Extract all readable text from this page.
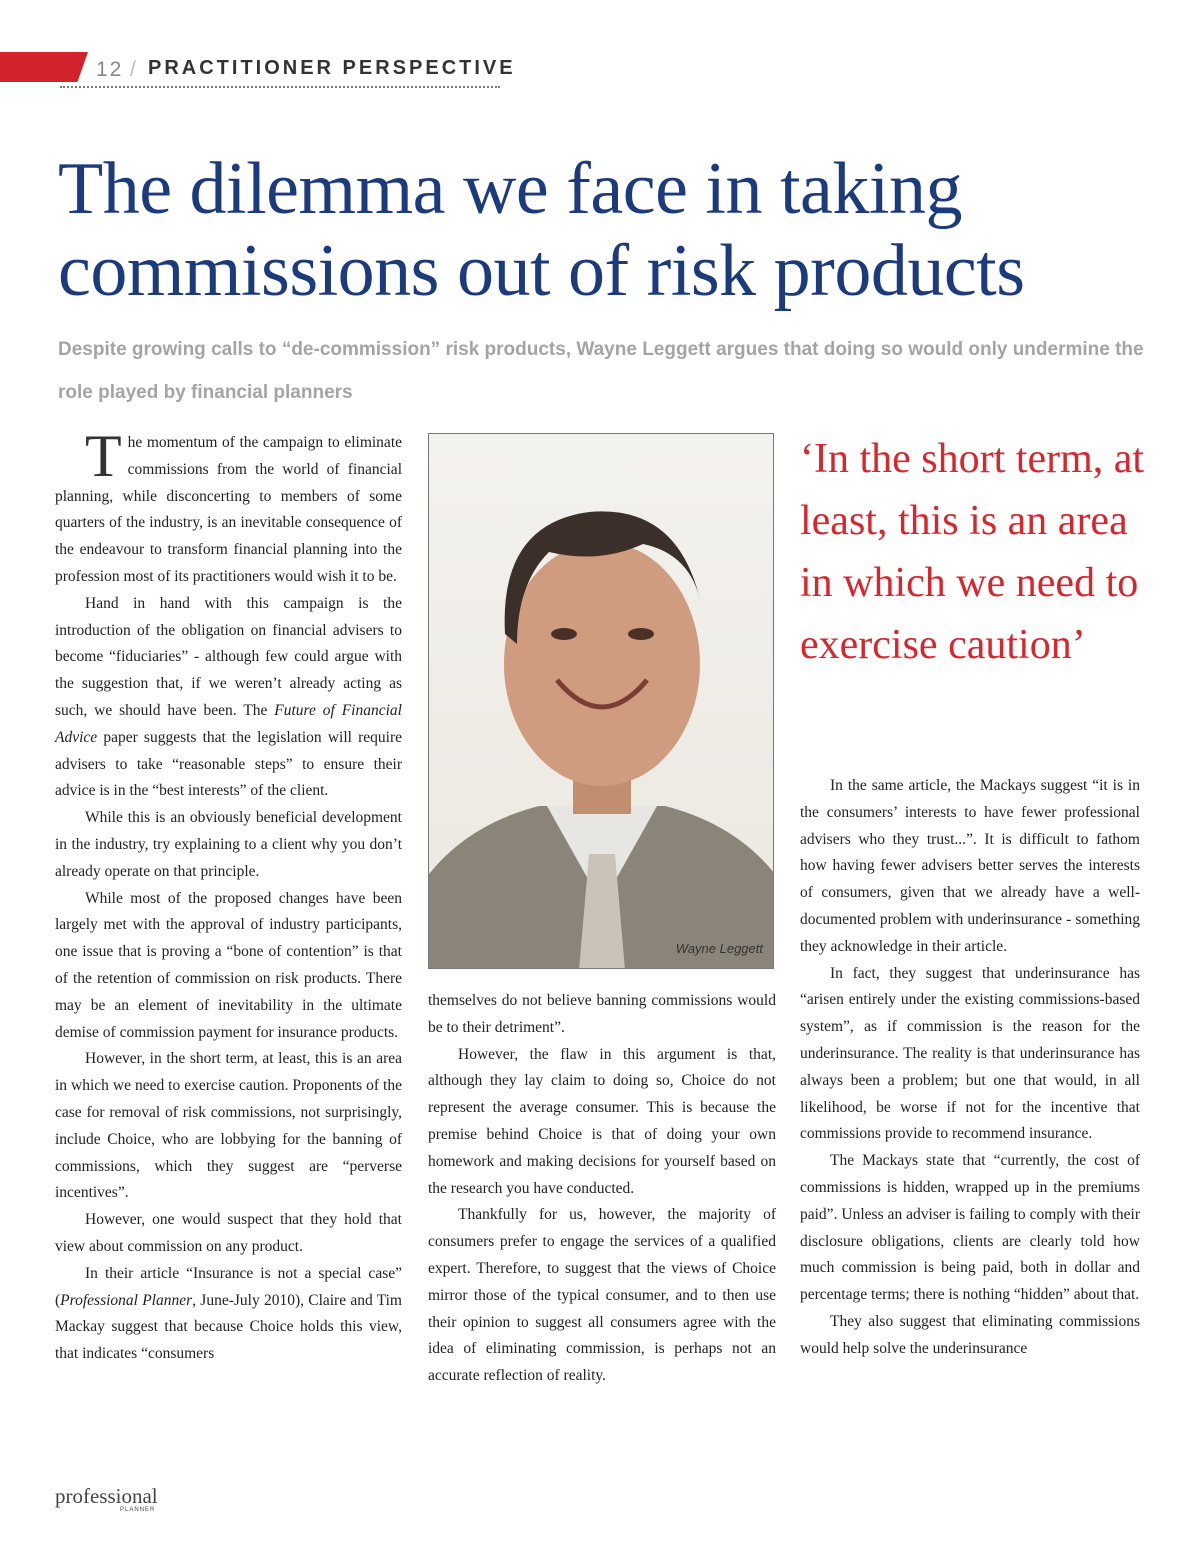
12 / PRACTITIONER PERSPECTIVE
The dilemma we face in taking commissions out of risk products

Despite growing calls to “de-commission” risk products, Wayne Leggett argues that doing so would only undermine the role played by financial planners

The momentum of the campaign to eliminate commissions from the world of financial planning, while disconcerting to members of some quarters of the industry, is an inevitable consequence of the endeavour to transform financial planning into the profession most of its practitioners would wish it to be.

Hand in hand with this campaign is the introduction of the obligation on financial advisers to become “fiduciaries” - although few could argue with the suggestion that, if we weren’t already acting as such, we should have been. The Future of Financial Advice paper suggests that the legislation will require advisers to take “reasonable steps” to ensure their advice is in the “best interests” of the client.

While this is an obviously beneficial development in the industry, try explaining to a client why you don’t already operate on that principle.

While most of the proposed changes have been largely met with the approval of industry participants, one issue that is proving a “bone of contention” is that of the retention of commission on risk products. There may be an element of inevitability in the ultimate demise of commission payment for insurance products.

However, in the short term, at least, this is an area in which we need to exercise caution. Proponents of the case for removal of risk commissions, not surprisingly, include Choice, who are lobbying for the banning of commissions, which they suggest are “perverse incentives”.

However, one would suspect that they hold that view about commission on any product.

In their article “Insurance is not a special case” (Professional Planner, June-July 2010), Claire and Tim Mackay suggest that because Choice holds this view, that indicates “consumers

Wayne Leggett

‘In the short term, at least, this is an area in which we need to exercise caution’

themselves do not believe banning commissions would be to their detriment”.

However, the flaw in this argument is that, although they lay claim to doing so, Choice do not represent the average consumer. This is because the premise behind Choice is that of doing your own homework and making decisions for yourself based on the research you have conducted.

Thankfully for us, however, the majority of consumers prefer to engage the services of a qualified expert. Therefore, to suggest that the views of Choice mirror those of the typical consumer, and to then use their opinion to suggest all consumers agree with the idea of eliminating commission, is perhaps not an accurate reflection of reality.

In the same article, the Mackays suggest “it is in the consumers’ interests to have fewer professional advisers who they trust...”. It is difficult to fathom how having fewer advisers better serves the interests of consumers, given that we already have a well-documented problem with underinsurance - something they acknowledge in their article.

In fact, they suggest that underinsurance has “arisen entirely under the existing commissions-based system”, as if commission is the reason for the underinsurance. The reality is that underinsurance has always been a problem; but one that would, in all likelihood, be worse if not for the incentive that commissions provide to recommend insurance.

The Mackays state that “currently, the cost of commissions is hidden, wrapped up in the premiums paid”. Unless an adviser is failing to comply with their disclosure obligations, clients are clearly told how much commission is being paid, both in dollar and percentage terms; there is nothing “hidden” about that.

They also suggest that eliminating commissions would help solve the underinsurance

professional
PLANNER
